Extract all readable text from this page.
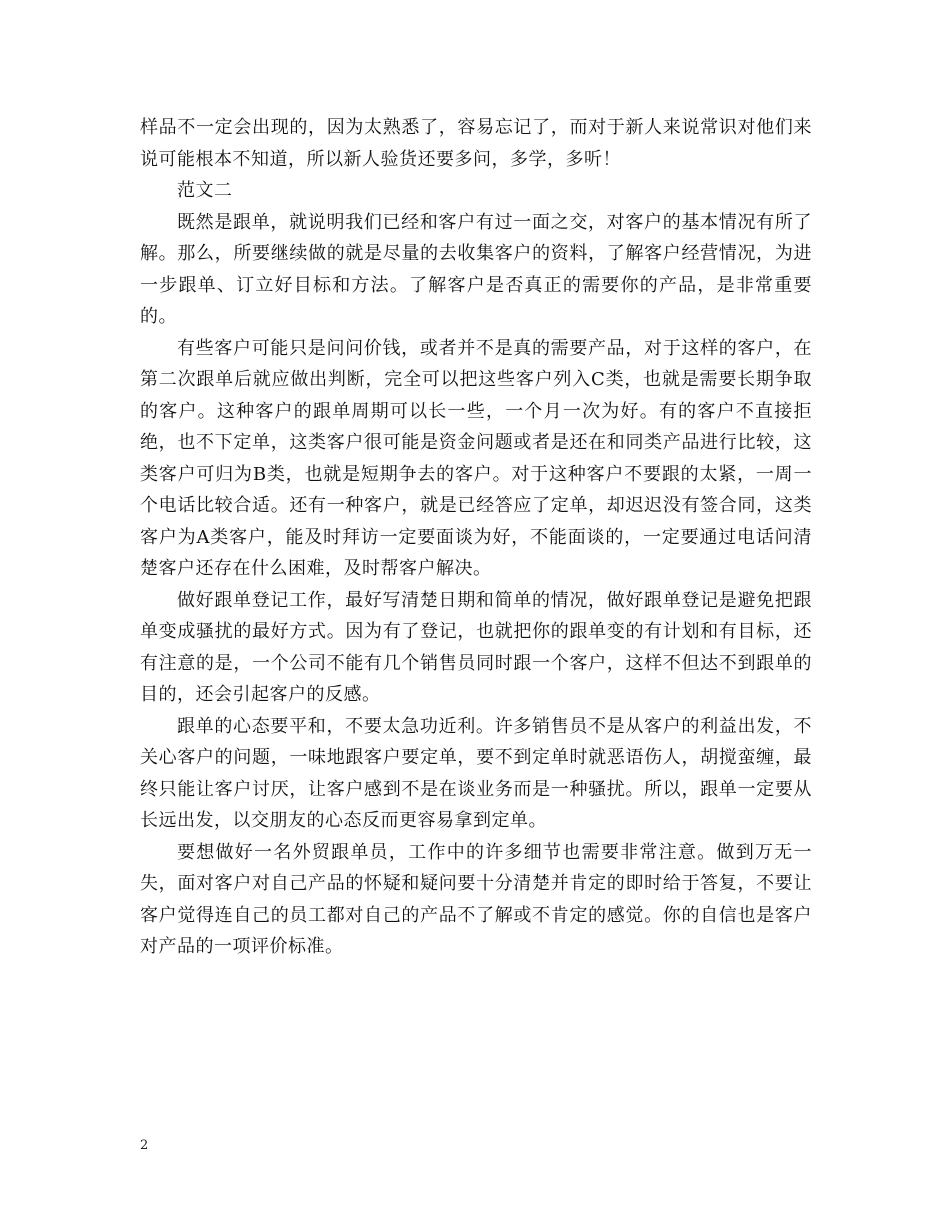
样品不一定会出现的，因为太熟悉了，容易忘记了，而对于新人来说常识对他们来说可能根本不知道，所以新人验货还要多问，多学，多听！

范文二

既然是跟单，就说明我们已经和客户有过一面之交，对客户的基本情况有所了解。那么，所要继续做的就是尽量的去收集客户的资料，了解客户经营情况，为进一步跟单、订立好目标和方法。了解客户是否真正的需要你的产品，是非常重要的。

有些客户可能只是问问价钱，或者并不是真的需要产品，对于这样的客户，在第二次跟单后就应做出判断，完全可以把这些客户列入C类，也就是需要长期争取的客户。这种客户的跟单周期可以长一些，一个月一次为好。有的客户不直接拒绝，也不下定单，这类客户很可能是资金问题或者是还在和同类产品进行比较，这类客户可归为B类，也就是短期争去的客户。对于这种客户不要跟的太紧，一周一个电话比较合适。还有一种客户，就是已经答应了定单，却迟迟没有签合同，这类客户为A类客户，能及时拜访一定要面谈为好，不能面谈的，一定要通过电话问清楚客户还存在什么困难，及时帮客户解决。

做好跟单登记工作，最好写清楚日期和简单的情况，做好跟单登记是避免把跟单变成骚扰的最好方式。因为有了登记，也就把你的跟单变的有计划和有目标，还有注意的是，一个公司不能有几个销售员同时跟一个客户，这样不但达不到跟单的目的，还会引起客户的反感。

跟单的心态要平和，不要太急功近利。许多销售员不是从客户的利益出发，不关心客户的问题，一味地跟客户要定单，要不到定单时就恶语伤人，胡搅蛮缠，最终只能让客户讨厌，让客户感到不是在谈业务而是一种骚扰。所以，跟单一定要从长远出发，以交朋友的心态反而更容易拿到定单。

要想做好一名外贸跟单员，工作中的许多细节也需要非常注意。做到万无一失，面对客户对自己产品的怀疑和疑问要十分清楚并肯定的即时给于答复，不要让客户觉得连自己的员工都对自己的产品不了解或不肯定的感觉。你的自信也是客户对产品的一项评价标准。

2
